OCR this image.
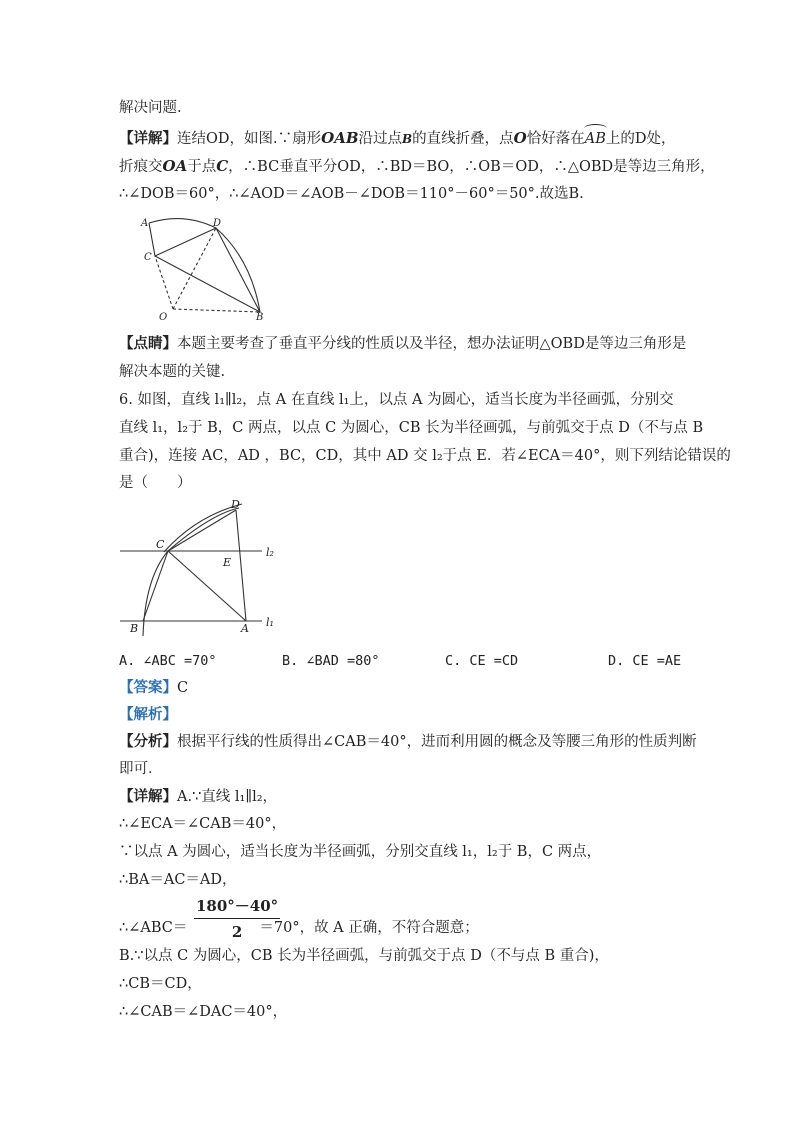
解决问题.
【详解】连结OD，如图.∵扇形OAB沿过点B的直线折叠，点O恰好落在AB上的D处，
折痕交OA于点C，∴BC垂直平分OD，∴BD＝BO，∴OB＝OD，∴△OBD是等边三角形，
∴∠DOB＝60°，∴∠AOD＝∠AOB－∠DOB＝110°－60°＝50°.故选B.
A
C
D
O	B
【点睛】本题主要考查了垂直平分线的性质以及半径，想办法证明△OBD是等边三角形是
解决本题的关键.
6. 如图，直线 l₁∥l₂，点 A 在直线 l₁上，以点 A 为圆心，适当长度为半径画弧，分别交
直线 l₁，l₂于 B，C 两点，以点 C 为圆心，CB 长为半径画弧，与前弧交于点 D（不与点 B
重合)，连接 AC，AD ，BC，CD，其中 AD 交 l₂于点 E．若∠ECA＝40°，则下列结论错误的
是（　　）
D
C
E
l₂
B	A l₁
A. ∠ABC =70°	B. ∠BAD =80°	C. CE =CD	D. CE =AE
【答案】C
【解析】
【分析】根据平行线的性质得出∠CAB＝40°，进而利用圆的概念及等腰三角形的性质判断
即可．
【详解】A.∵直线 l₁∥l₂，
∴∠ECA＝∠CAB＝40°，
∵以点 A 为圆心，适当长度为半径画弧，分别交直线 l₁，l₂于 B，C 两点，
∴BA＝AC＝AD，
$\frac{180^\circ-40^\circ}{2}$
∴∠ABC＝	＝70°，故 A 正确，不符合题意；
B.∵以点 C 为圆心，CB 长为半径画弧，与前弧交于点 D（不与点 B 重合)，
∴CB＝CD，
∴∠CAB＝∠DAC＝40°，
